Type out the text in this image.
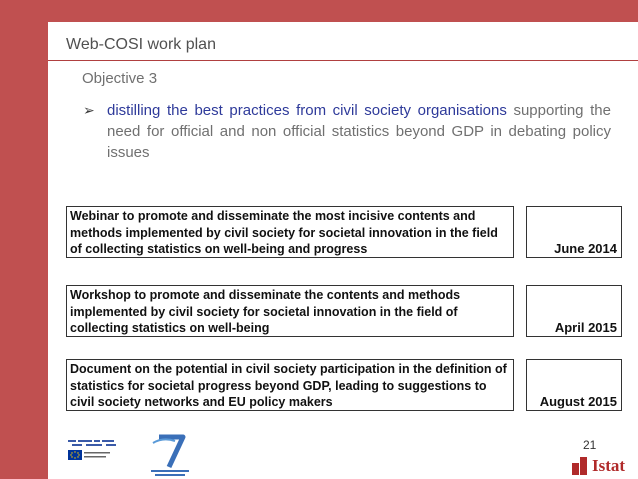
Web-COSI work plan
Objective 3
➢ distilling the best practices from civil society organisations supporting the need for official and non official statistics beyond GDP in debating policy issues
Webinar to promote and disseminate the most incisive contents and methods implemented by civil society for societal innovation in the field of collecting statistics on well-being and progress	June 2014
Workshop to promote and disseminate the contents and methods implemented by civil society for societal innovation in the field of collecting statistics on well-being	April 2015
Document on the potential in civil society participation in the definition of statistics for societal progress beyond GDP, leading to suggestions to civil society networks and EU policy makers	August 2015
21
Istat
